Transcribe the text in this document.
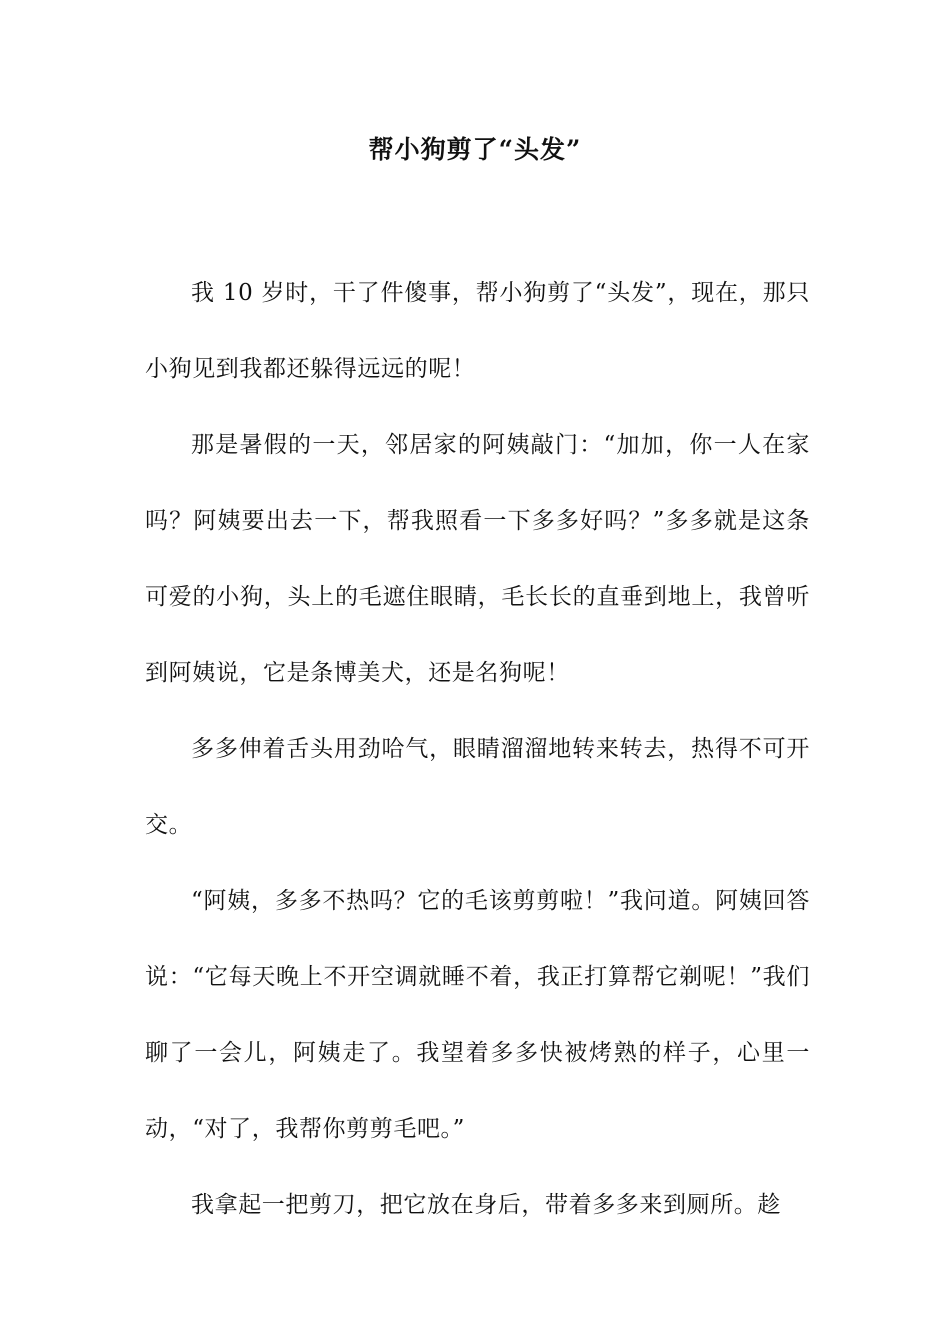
帮小狗剪了“头发”

我 10 岁时，干了件傻事，帮小狗剪了“头发”，现在，那只小狗见到我都还躲得远远的呢！

那是暑假的一天，邻居家的阿姨敲门：“加加，你一人在家吗？阿姨要出去一下，帮我照看一下多多好吗？”多多就是这条可爱的小狗，头上的毛遮住眼睛，毛长长的直垂到地上，我曾听到阿姨说，它是条博美犬，还是名狗呢！

多多伸着舌头用劲哈气，眼睛溜溜地转来转去，热得不可开交。

“阿姨，多多不热吗？它的毛该剪剪啦！”我问道。阿姨回答说：“它每天晚上不开空调就睡不着，我正打算帮它剃呢！”我们聊了一会儿，阿姨走了。我望着多多快被烤熟的样子，心里一动，“对了，我帮你剪剪毛吧。”

我拿起一把剪刀，把它放在身后，带着多多来到厕所。趁
